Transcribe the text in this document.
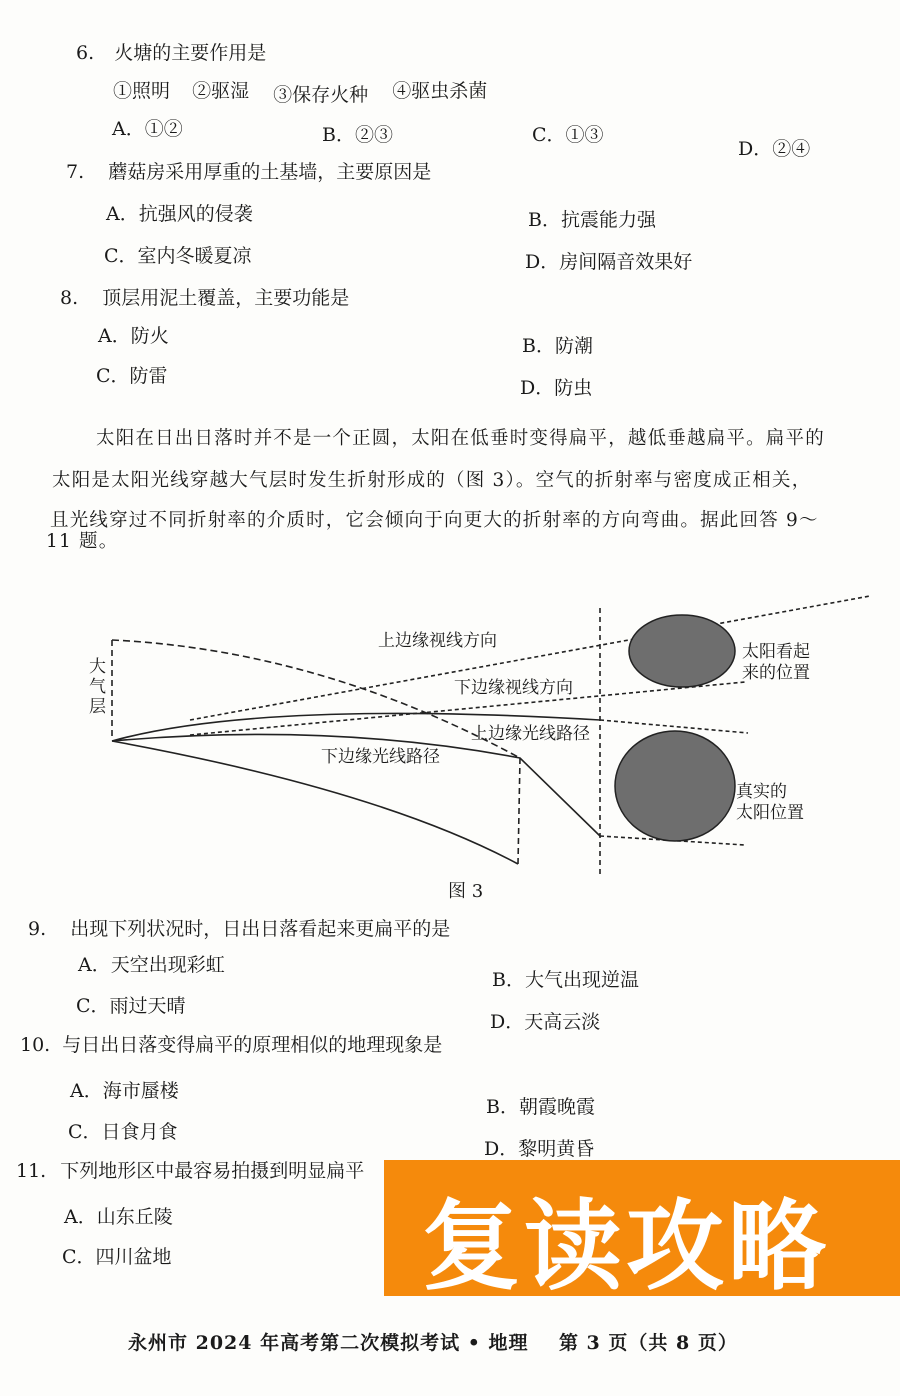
6. 火塘的主要作用是
①照明 ②驱湿 ③保存火种 ④驱虫杀菌
A．①②	B．②③	C．①③
D．②④
7. 蘑菇房采用厚重的土基墙，主要原因是
A．抗强风的侵袭	B．抗震能力强
C．室内冬暖夏凉	D．房间隔音效果好
8. 顶层用泥土覆盖，主要功能是
A．防火	B．防潮
C．防雷
D．防虫
太阳在日出日落时并不是一个正圆，太阳在低垂时变得扁平，越低垂越扁平。扁平的
太阳是太阳光线穿越大气层时发生折射形成的（图 3）。空气的折射率与密度成正相关，
且光线穿过不同折射率的介质时，它会倾向于向更大的折射率的方向弯曲。据此回答 9～
11 题。
大
气
层
上边缘视线方向
下边缘视线方向
上边缘光线路径
下边缘光线路径
太阳看起
来的位置
真实的
太阳位置
图 3
9. 出现下列状况时，日出日落看起来更扁平的是
A．天空出现彩虹
B．大气出现逆温
C．雨过天晴
D．天高云淡
10. 与日出日落变得扁平的原理相似的地理现象是
A．海市蜃楼
B．朝霞晚霞
C．日食月食
D．黎明黄昏
11. 下列地形区中最容易拍摄到明显扁平
A．山东丘陵
C．四川盆地	复读攻略
永州市 2024 年高考第二次模拟考试 • 地理    第 3 页（共 8 页）
